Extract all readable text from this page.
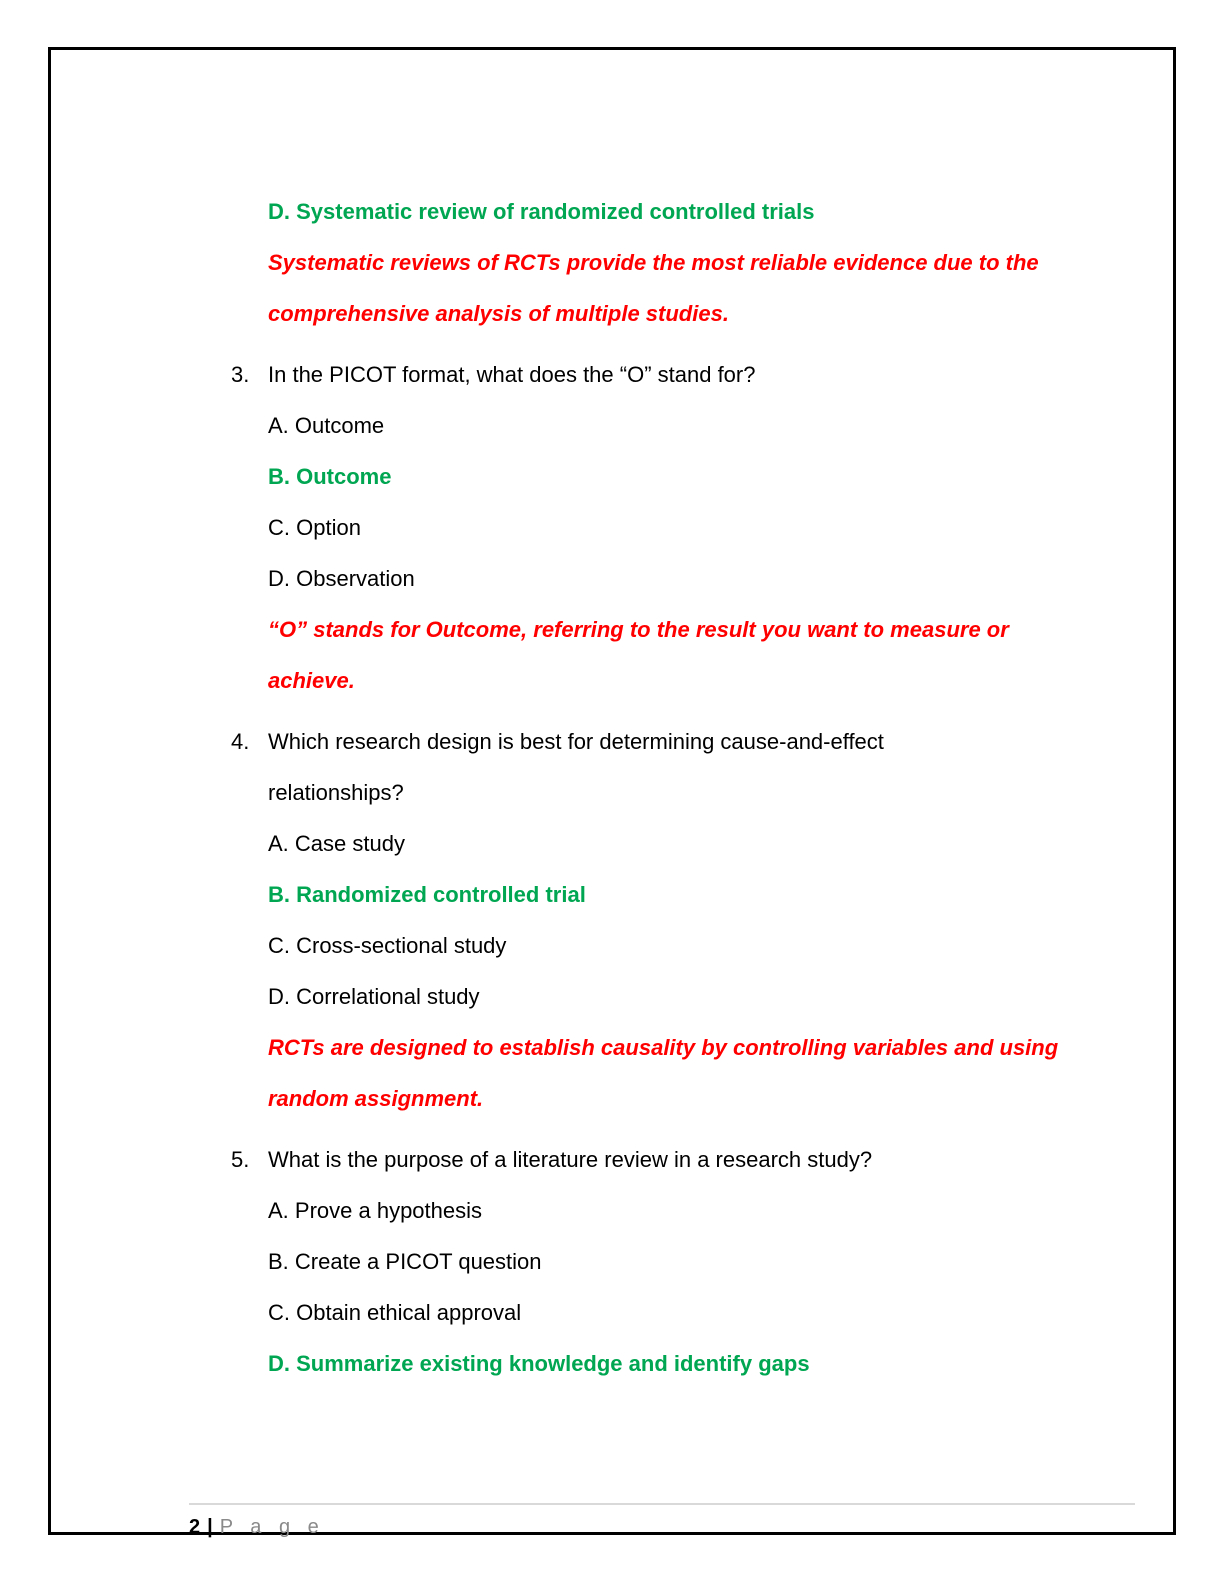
D. Systematic review of randomized controlled trials
Systematic reviews of RCTs provide the most reliable evidence due to the
comprehensive analysis of multiple studies.
3. In the PICOT format, what does the “O” stand for?
A. Outcome
B. Outcome
C. Option
D. Observation
“O” stands for Outcome, referring to the result you want to measure or
achieve.
4. Which research design is best for determining cause-and-effect
relationships?
A. Case study
B. Randomized controlled trial
C. Cross-sectional study
D. Correlational study
RCTs are designed to establish causality by controlling variables and using
random assignment.
5. What is the purpose of a literature review in a research study?
A. Prove a hypothesis
B. Create a PICOT question
C. Obtain ethical approval
D. Summarize existing knowledge and identify gaps
2 | P a g e
